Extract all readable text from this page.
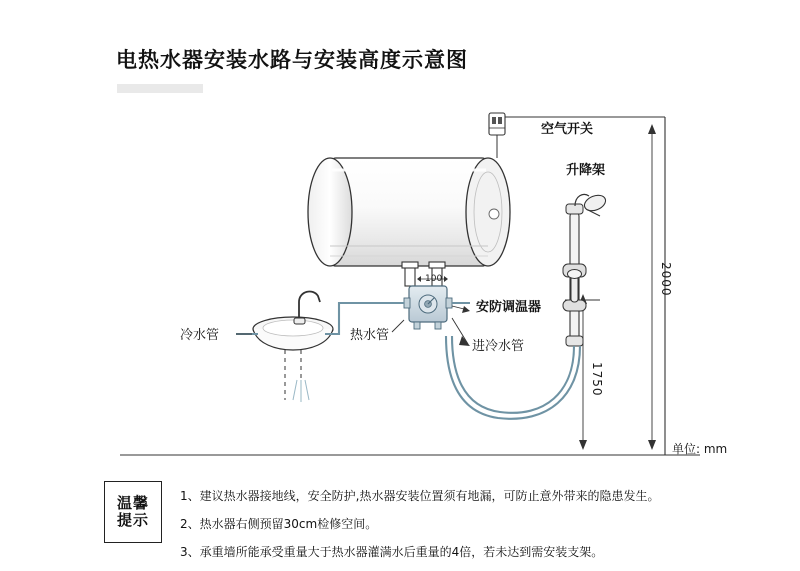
电热水器安装水路与安装高度示意图
空气开关
升降架
安防调温器
冷水管	热水管
进冷水管
100	2000
1750
单位: mm
温馨
提示
1、建议热水器接地线，安全防护,热水器安装位置须有地漏，可防止意外带来的隐患发生。
2、热水器右侧预留30cm检修空间。
3、承重墙所能承受重量大于热水器灌满水后重量的4倍，若未达到需安装支架。
